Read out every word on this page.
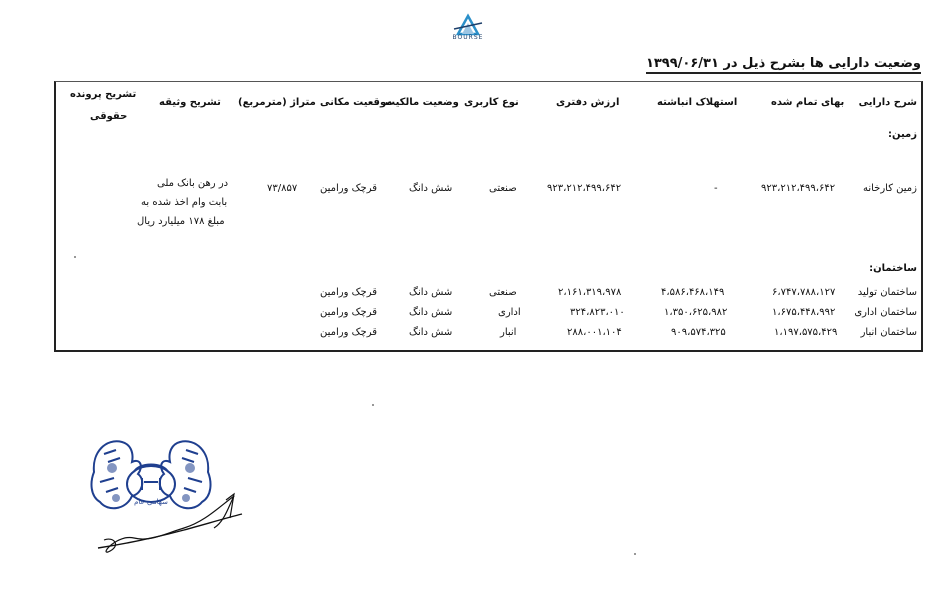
BOURSE
وضعیت دارایی ها بشرح ذیل در ۱۳۹۹/۰۶/۳۱
شرح دارایی
بهای تمام شده
استهلاک انباشته
ارزش دفتری
نوع کاربری
وضعیت مالکیت
موقعیت مکانی
متراژ (مترمربع)
تشریح وثیقه
تشریح پرونده
حقوقی
زمین:
زمین کارخانه
۹۲۳،۲۱۲،۴۹۹،۶۴۲
-
۹۲۳،۲۱۲،۴۹۹،۶۴۲
صنعتی
شش دانگ
قرچک ورامین
۷۳/۸۵۷
در رهن بانک ملی
بابت وام اخذ شده به
مبلغ ۱۷۸ میلیارد ریال
ساختمان:
ساختمان تولید
۶،۷۴۷،۷۸۸،۱۲۷
۴،۵۸۶،۴۶۸،۱۴۹
۲،۱۶۱،۳۱۹،۹۷۸
صنعتی
شش دانگ
قرچک ورامین
ساختمان اداری
۱،۶۷۵،۴۴۸،۹۹۲
۱،۳۵۰،۶۲۵،۹۸۲
۳۲۴،۸۲۳،۰۱۰
اداری
شش دانگ
قرچک ورامین
ساختمان انبار
۱،۱۹۷،۵۷۵،۴۲۹
۹۰۹،۵۷۴،۳۲۵
۲۸۸،۰۰۱،۱۰۴
انبار
شش دانگ
قرچک ورامین
سهامی عام
